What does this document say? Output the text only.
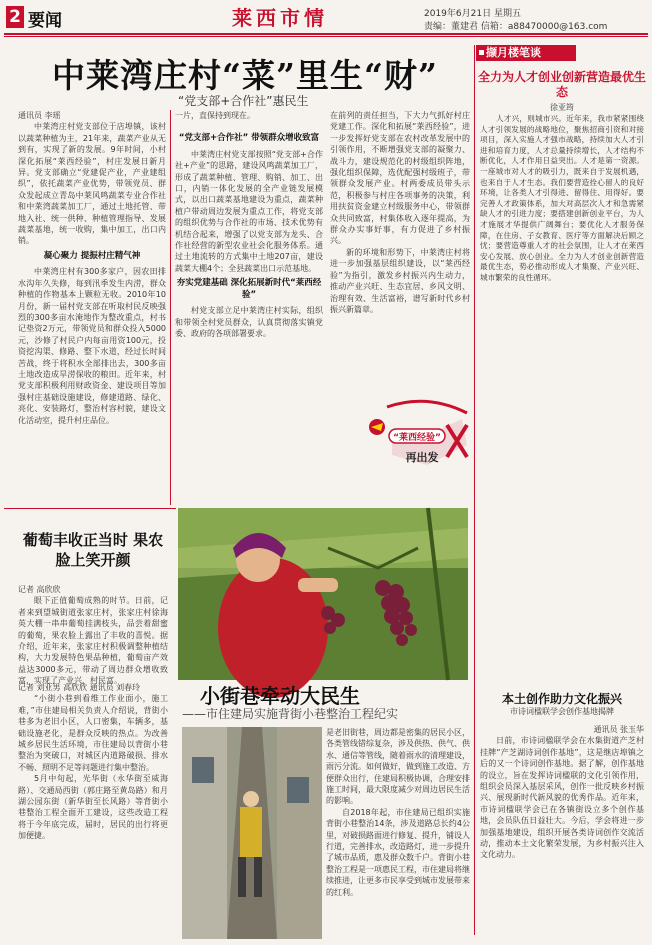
2 要闻	莱西市情	2019年6月21日 星期五
责编：董建君 信箱：a88470000@163.com
中莱湾庄村“菜”里生“财”
“党支部+合作社”惠民生
通讯员 李瑶

中莱湾庄村党支部位于店埠镇，该村以蔬菜种植为主，21年来，蔬菜产业从无到有，实现了新的发展。9年时间，小村深化拓展“莱西经验”，村庄发展日新月异。党支部确立“党建促产业，产业建组织”，依托蔬菜产业优势，带领党员、群众发起成立青岛中莱风鸣蔬菜专业合作社和中莱湾蔬菜加工厂，通过土地托管、带地入社、统一供种、种植管理指导、发展蔬菜基地，统一收购，集中加工，出口内销。

凝心聚力 提振村庄精气神

中莱湾庄村有300多家户，因农田排水沟年久失修，每到汛季发生内涝，群众种植的作物基本上颗粒无收。2010年10月份，新一届村党支部在听取村民反映强烈的300多亩水淹地作为整改重点，村书记垫资2万元，带领党员和群众投入5000元，沙修了村民户内每亩用资100元，投资挖沟渠、修路、整下水道，经过长时间苦战，终于将积水全部排出去，300多亩土地改造成旱涝保收的粮田。近年来，村党支部积极利用财政资金、建设项目等加强村庄基础设施建设，修建道路、绿化、亮化、安装路灯，整治村容村貌，建设文化活动室，提升村庄品位。

一片，直保持到现在。

“党支部+合作社” 带领群众增收致富

中莱湾庄村党支部按照“党支部+合作社+产业”的思路，建设风鸣蔬菜加工厂，形成了蔬菜种植、管理、购销、加工、出口，内销一体化发展的全产业链发展模式，以出口蔬菜基地建设为重点，蔬菜种植户带动周边发展为重点工作，将党支部的组织优势与合作社的市场、技术优势有机结合起来，增强了以党支部为龙头、合作社经营的新型农业社会化服务体系。通过土地流转的方式集中土地207亩，建设蔬菜大棚4个；全县蔬菜出口示范基地。

夯实党建基础 深化拓展新时代“莱西经验”

村党支部立足中莱湾庄村实际，组织和带领全村党员群众，认真贯彻落实镇党委、政府的各项部署要求。

在前列的责任担当，下大力气抓好村庄党建工作。深化和拓展“莱西经验”，进一步发挥好党支部在农村改革发展中的引领作用，不断增强党支部的凝聚力、战斗力，建设规范化的村级组织阵地，强化组织保障，选优配强村级班子，带领群众发展产业。村两委成员带头示范，积极参与村庄各项事务的决策，利用扶贫资金建立村级服务中心，带领群众共同致富，村集体收入逐年提高，为群众办实事好事，有力促进了乡村振兴。

新的环境和形势下，中莱湾庄村将进一步加强基层组织建设，以“莱西经验”为指引，激发乡村振兴内生动力，推动产业兴旺、生态宜居、乡风文明、治理有效、生活富裕，谱写新时代乡村振兴新篇章。

“莱西经验”
再出发
撷月楼笔谈
全力为人才创业创新营造最优生态
徐亚筠

人才兴，则城市兴。近年来，我市紧紧围绕人才引领发展的战略地位，聚焦招商引资和对接项目，深入实施人才强市战略，持续加大人才引进和培育力度，人才总量持续增长，人才结构不断优化，人才作用日益突出。人才是第一资源。一座城市对人才的吸引力，既来自于发展机遇，也来自于人才生态。我们要营造拴心留人的良好环境，让各类人才引得进、留得住、用得好。要完善人才政策体系，加大对高层次人才和急需紧缺人才的引进力度；要搭建创新创业平台，为人才施展才华提供广阔舞台；要优化人才服务保障，在住房、子女教育、医疗等方面解决后顾之忧；要营造尊重人才的社会氛围，让人才在莱西安心发展、放心创业。全力为人才创业创新营造最优生态，势必推动形成人才集聚、产业兴旺、城市繁荣的良性循环。

本土创作助力文化振兴
市诗词楹联学会创作基地揭牌
通讯员 张玉华

日前，市诗词楹联学会在水集街道产芝村挂牌“产芝湖诗词创作基地”，这是继店埠镇之后的又一个诗词创作基地。据了解，创作基地的设立，旨在发挥诗词楹联的文化引领作用，组织会员深入基层采风，创作一批反映乡村振兴、展现新时代新风貌的优秀作品。近年来，市诗词楹联学会已在各镇街设立多个创作基地，会员队伍日益壮大。今后，学会将进一步加强基地建设，组织开展各类诗词创作交流活动，推动本土文化繁荣发展，为乡村振兴注入文化动力。

葡萄丰收正当时 果农脸上笑开颜
记者 高欣欣

眼下正值葡萄成熟的时节。日前，记者来到望城街道张家庄村，张家庄村徐海英大棚一串串葡萄挂满枝头，品尝着甜蜜的葡萄，果农脸上露出了丰收的喜悦。据介绍，近年来，张家庄村积极调整种植结构，大力发展特色果品种植，葡萄亩产效益达3000多元，带动了周边群众增收致富，实现了产业兴、村民富。

小街巷牵动大民生
——市住建局实施背街小巷整治工程纪实
记者 刘亚男 高欣欣 通讯员 刘春玲

“小街小巷到看维工作业面小，施工难，”市住建局相关负责人介绍说，背街小巷多为老旧小区，人口密集，车辆多，基础设施老化，是群众反映的热点。为改善城乡居民生活环境，市住建局以背街小巷整治为突破口，对城区内道路破损、排水不畅、照明不足等问题进行集中整治。

5月中旬起，光华街（永华街至威海路）、交通局西街（郭庄路至黄岛路）和月湖公园东街（新华街至长风路）等背街小巷整治工程全面开工建设，这些改造工程将于今年底完成，届时，居民的出行将更加便捷。

是老旧街巷，周边都是密集的居民小区，各类管线错综复杂，涉及供热、供气、供水、通信等管线，随着雨水的清理建设，雨污分流。如何做好，做到施工改造、方便群众出行，住建局积极协调，合理安排施工时间，最大限度减少对周边居民生活的影响。

自2018年起，市住建局已组织实施背街小巷整治14条，涉及道路总长约4公里，对破损路面进行修复、提升，铺设人行道，完善排水，改造路灯，进一步提升了城市品质，惠及群众数千户。背街小巷整治工程是一项惠民工程，市住建局将继续推进，让更多市民享受到城市发展带来的红利。
